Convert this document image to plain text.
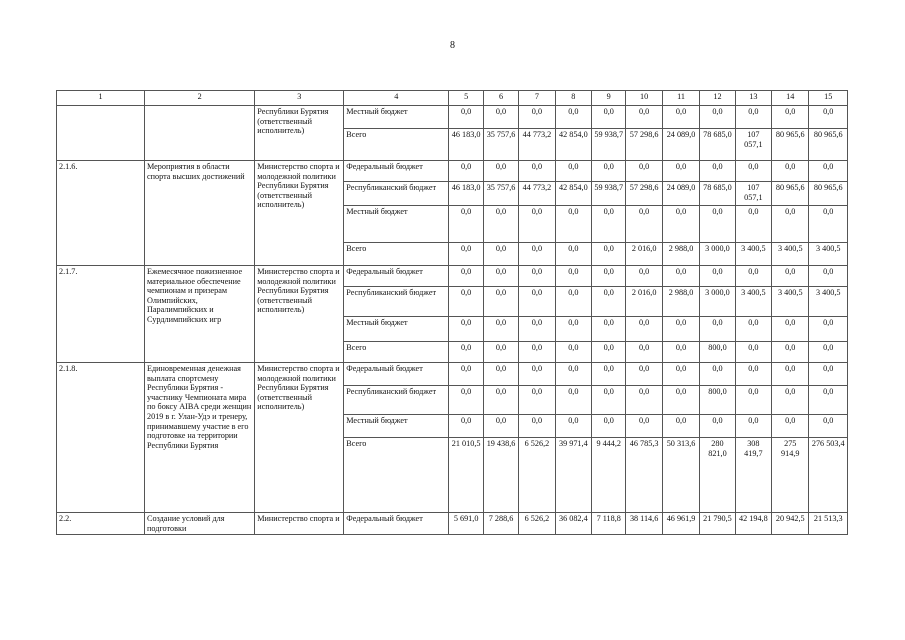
8
1	2	3	4	5	6	7	8	9	10	11	12	13	14	15
		Республики Бурятия (ответственный исполнитель)	Местный бюджет	0,0	0,0	0,0	0,0	0,0	0,0	0,0	0,0	0,0	0,0	0,0
			Всего	46 183,0	35 757,6	44 773,2	42 854,0	59 938,7	57 298,6	24 089,0	78 685,0	107 057,1	80 965,6	80 965,6
2.1.6.	Мероприятия в области спорта высших достижений	Министерство спорта и молодежной политики Республики Бурятия (ответственный исполнитель)	Федеральный бюджет	0,0	0,0	0,0	0,0	0,0	0,0	0,0	0,0	0,0	0,0	0,0
			Республиканский бюджет	46 183,0	35 757,6	44 773,2	42 854,0	59 938,7	57 298,6	24 089,0	78 685,0	107 057,1	80 965,6	80 965,6
			Местный бюджет	0,0	0,0	0,0	0,0	0,0	0,0	0,0	0,0	0,0	0,0	0,0
			Всего	0,0	0,0	0,0	0,0	0,0	2 016,0	2 988,0	3 000,0	3 400,5	3 400,5	3 400,5
2.1.7.	Ежемесячное пожизненное материальное обеспечение чемпионам и призерам Олимпийских, Паралимпийских и Сурдлимпийских игр	Министерство спорта и молодежной политики Республики Бурятия (ответственный исполнитель)	Федеральный бюджет	0,0	0,0	0,0	0,0	0,0	0,0	0,0	0,0	0,0	0,0	0,0
			Республиканский бюджет	0,0	0,0	0,0	0,0	0,0	2 016,0	2 988,0	3 000,0	3 400,5	3 400,5	3 400,5
			Местный бюджет	0,0	0,0	0,0	0,0	0,0	0,0	0,0	0,0	0,0	0,0	0,0
			Всего	0,0	0,0	0,0	0,0	0,0	0,0	0,0	800,0	0,0	0,0	0,0
2.1.8.	Единовременная денежная выплата спортсмену Республики Бурятия - участнику Чемпионата мира по боксу AIBA среди женщин 2019 в г. Улан-Удэ и тренеру, принимавшему участие в его подготовке на территории Республики Бурятия	Министерство спорта и молодежной политики Республики Бурятия (ответственный исполнитель)	Федеральный бюджет	0,0	0,0	0,0	0,0	0,0	0,0	0,0	0,0	0,0	0,0	0,0
			Республиканский бюджет	0,0	0,0	0,0	0,0	0,0	0,0	0,0	800,0	0,0	0,0	0,0
			Местный бюджет	0,0	0,0	0,0	0,0	0,0	0,0	0,0	0,0	0,0	0,0	0,0
			Всего	21 010,5	19 438,6	6 526,2	39 971,4	9 444,2	46 785,3	50 313,6	280 821,0	308 419,7	275 914,9	276 503,4
2.2.	Создание условий для подготовки	Министерство спорта и	Федеральный бюджет	5 691,0	7 288,6	6 526,2	36 082,4	7 118,8	38 114,6	46 961,9	21 790,5	42 194,8	20 942,5	21 513,3
